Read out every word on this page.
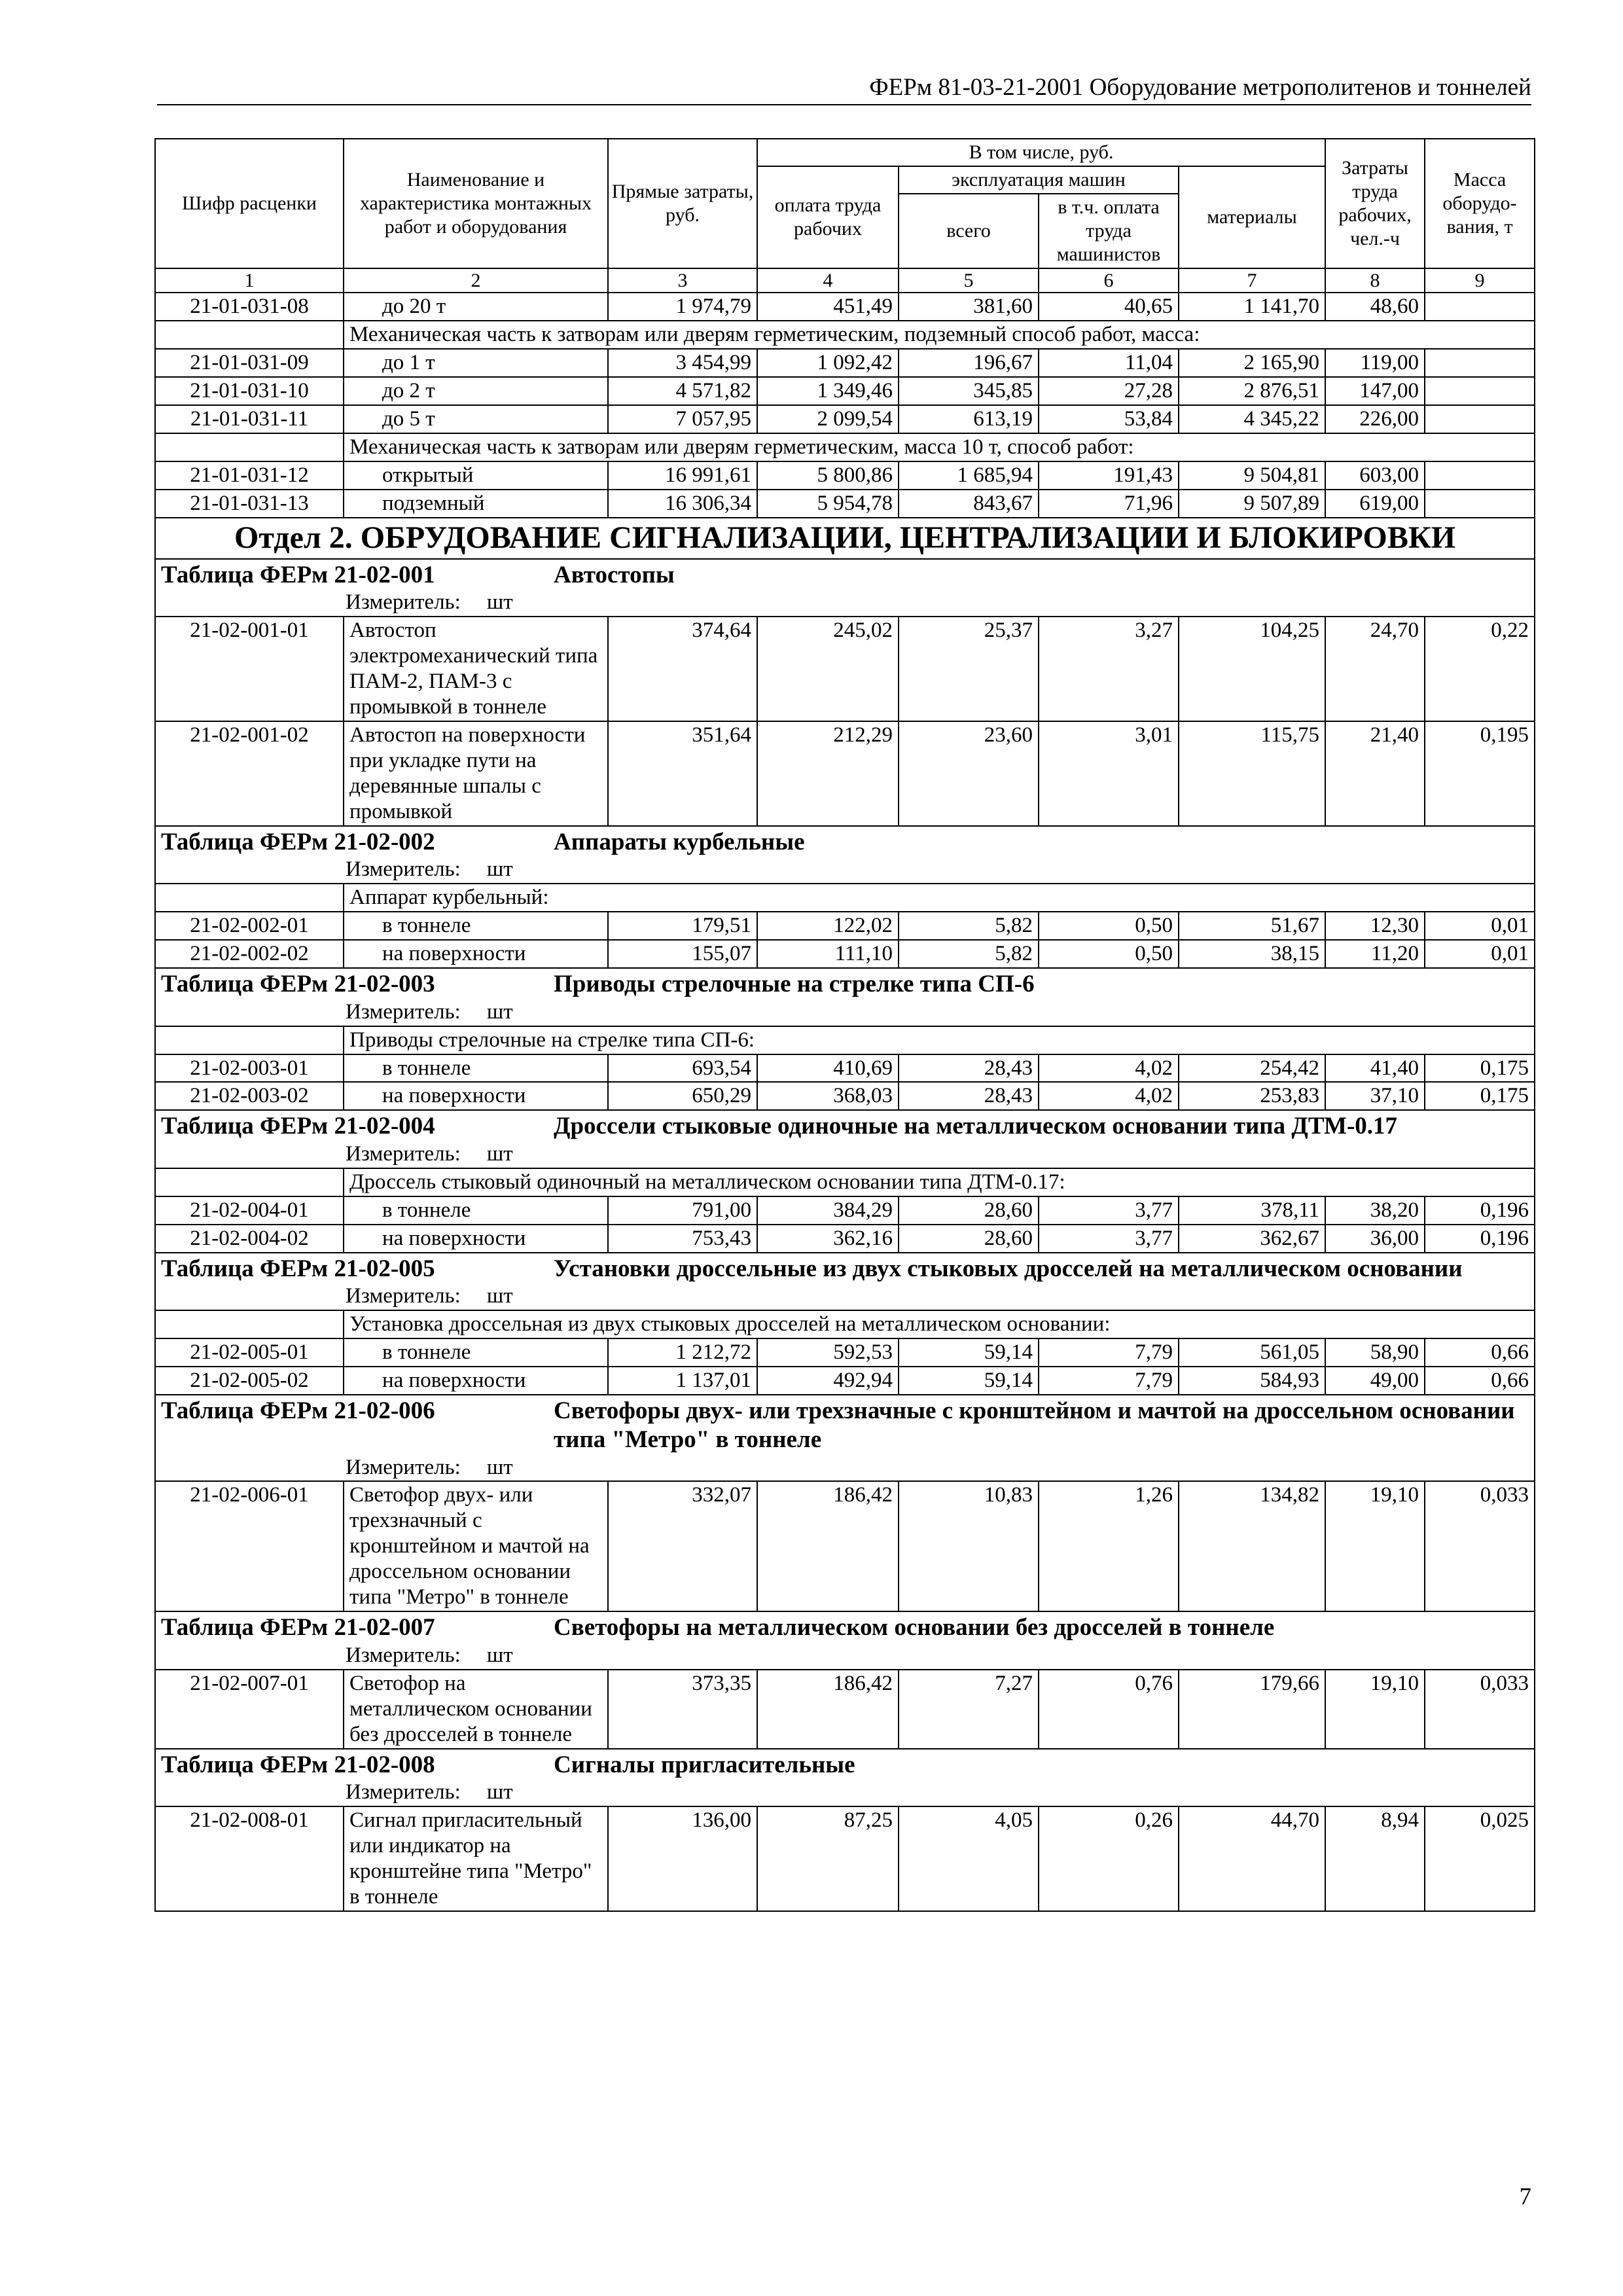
ФЕРм 81-03-21-2001 Оборудование метрополитенов и тоннелей
Шифр расценки	Наименование и характеристика монтажных работ и оборудования	Прямые затраты, руб.	В том числе, руб.				Затраты труда рабочих, чел.-ч	Масса оборудо-вания, т
			оплата труда рабочих	эксплуатация машин		материалы		
				всего	в т.ч. оплата труда машинистов			
1	2	3	4	5	6	7	8	9
21-01-031-08	до 20 т	1 974,79	451,49	381,60	40,65	1 141,70	48,60	
	Механическая часть к затворам или дверям герметическим, подземный способ работ, масса:							
21-01-031-09	до 1 т	3 454,99	1 092,42	196,67	11,04	2 165,90	119,00	
21-01-031-10	до 2 т	4 571,82	1 349,46	345,85	27,28	2 876,51	147,00	
21-01-031-11	до 5 т	7 057,95	2 099,54	613,19	53,84	4 345,22	226,00	
	Механическая часть к затворам или дверям герметическим, масса 10 т, способ работ:							
21-01-031-12	открытый	16 991,61	5 800,86	1 685,94	191,43	9 504,81	603,00	
21-01-031-13	подземный	16 306,34	5 954,78	843,67	71,96	9 507,89	619,00	
Отдел 2. ОБРУДОВАНИЕ СИГНАЛИЗАЦИИ, ЦЕНТРАЛИЗАЦИИ И БЛОКИРОВКИ								
Таблица ФЕРм 21-02-001 Автостопы								
Измеритель: шт								
21-02-001-01	Автостоп электромеханический типа ПАМ-2, ПАМ-3 с промывкой в тоннеле	374,64	245,02	25,37	3,27	104,25	24,70	0,22
21-02-001-02	Автостоп на поверхности при укладке пути на деревянные шпалы с промывкой	351,64	212,29	23,60	3,01	115,75	21,40	0,195
Таблица ФЕРм 21-02-002 Аппараты курбельные								
Измеритель: шт								
	Аппарат курбельный:							
21-02-002-01	в тоннеле	179,51	122,02	5,82	0,50	51,67	12,30	0,01
21-02-002-02	на поверхности	155,07	111,10	5,82	0,50	38,15	11,20	0,01
Таблица ФЕРм 21-02-003 Приводы стрелочные на стрелке типа СП-6								
Измеритель: шт								
	Приводы стрелочные на стрелке типа СП-6:							
21-02-003-01	в тоннеле	693,54	410,69	28,43	4,02	254,42	41,40	0,175
21-02-003-02	на поверхности	650,29	368,03	28,43	4,02	253,83	37,10	0,175
Таблица ФЕРм 21-02-004 Дроссели стыковые одиночные на металлическом основании типа ДТМ-0.17								
Измеритель: шт								
	Дроссель стыковый одиночный на металлическом основании типа ДТМ-0.17:							
21-02-004-01	в тоннеле	791,00	384,29	28,60	3,77	378,11	38,20	0,196
21-02-004-02	на поверхности	753,43	362,16	28,60	3,77	362,67	36,00	0,196
Таблица ФЕРм 21-02-005 Установки дроссельные из двух стыковых дросселей на металлическом основании								
Измеритель: шт								
	Установка дроссельная из двух стыковых дросселей на металлическом основании:							
21-02-005-01	в тоннеле	1 212,72	592,53	59,14	7,79	561,05	58,90	0,66
21-02-005-02	на поверхности	1 137,01	492,94	59,14	7,79	584,93	49,00	0,66
Таблица ФЕРм 21-02-006 Светофоры двух- или трехзначные с кронштейном и мачтой на дроссельном основании типа "Метро" в тоннеле								
Измеритель: шт								
21-02-006-01	Светофор двух- или трехзначный с кронштейном и мачтой на дроссельном основании типа "Метро" в тоннеле	332,07	186,42	10,83	1,26	134,82	19,10	0,033
Таблица ФЕРм 21-02-007 Светофоры на металлическом основании без дросселей в тоннеле								
Измеритель: шт								
21-02-007-01	Светофор на металлическом основании без дросселей в тоннеле	373,35	186,42	7,27	0,76	179,66	19,10	0,033
Таблица ФЕРм 21-02-008 Сигналы пригласительные								
Измеритель: шт								
21-02-008-01	Сигнал пригласительный или индикатор на кронштейне типа "Метро" в тоннеле	136,00	87,25	4,05	0,26	44,70	8,94	0,025
7
